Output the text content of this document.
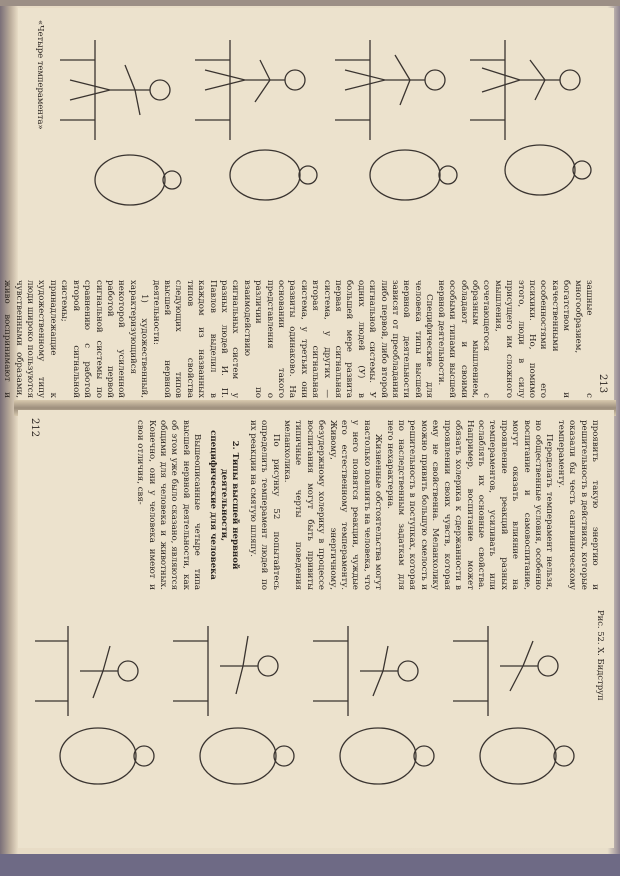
«Четыре темперамента»
213

зашные с многообразием, богатством и качественными особенностями его психики. Но, помимо этого, люди в силу присущего им сложного мышления, сочетающегося с образным мышлением, обладают и своими особыми типами высшей нервной деятельности.

Специфические для человека типы высшей нервной деятельности зависят от преобладания либо первой, либо второй сигнальной системы. У одних людей (У) в большей мере развита первая сигнальная система, у других — вторая сигнальная система, у третьих они развиты одинаково. На основании такого представления о различии по взаимодействию сигнальных систем у разных людей И. П. Павлов выделил в каждом из названных типов свойства следующих типов высшей нервной деятельности:

1) художественный, характеризующийся некоторой усиленной работой первой сигнальной системы по сравнению с работой второй сигнальной системы; принадлежащие к художественному типу люди широко пользуются чувственными образами, живо воспринимают и

212	проявить такую энергию и решительность в действиях, которые оказали бы честь сангвиническому темпераменту.

Переделать темперамент нельзя, но общественные условия, особенно воспитание и самовоспитание, могут оказать влияние на проявление реакций разных темпераментов, усиливать или ослаблять их основные свойства. Например, воспитание может обязать холерика к сдержанности в проявлении своих чувств, которая ему не свойственна. Меланхолику можно привить большую смелость и решительность в поступках, которая по наследственным задаткам для него нехарактерна.

Жизненные обстоятельства могут настолько повлиять на человека, что у него появятся реакции, чуждые его естественному темпераменту. Живому, энергичному, безудержному холерику в процессе воспитания могут быть привиты типичные черты поведения меланхолика.

По рисунку 52 попытайтесь определить темперамент людей по их реакции на смятую шляпу.

2. Типы высшей нервной деятельности,
специфические для человека

Вышеописанные четыре типа высшей нервной деятельности, как об этом уже было сказано, являются общими для человека и животных. Конечно, они у человека имеют и свои отличия, свя-

Рис. 52. Х. Бидструп
